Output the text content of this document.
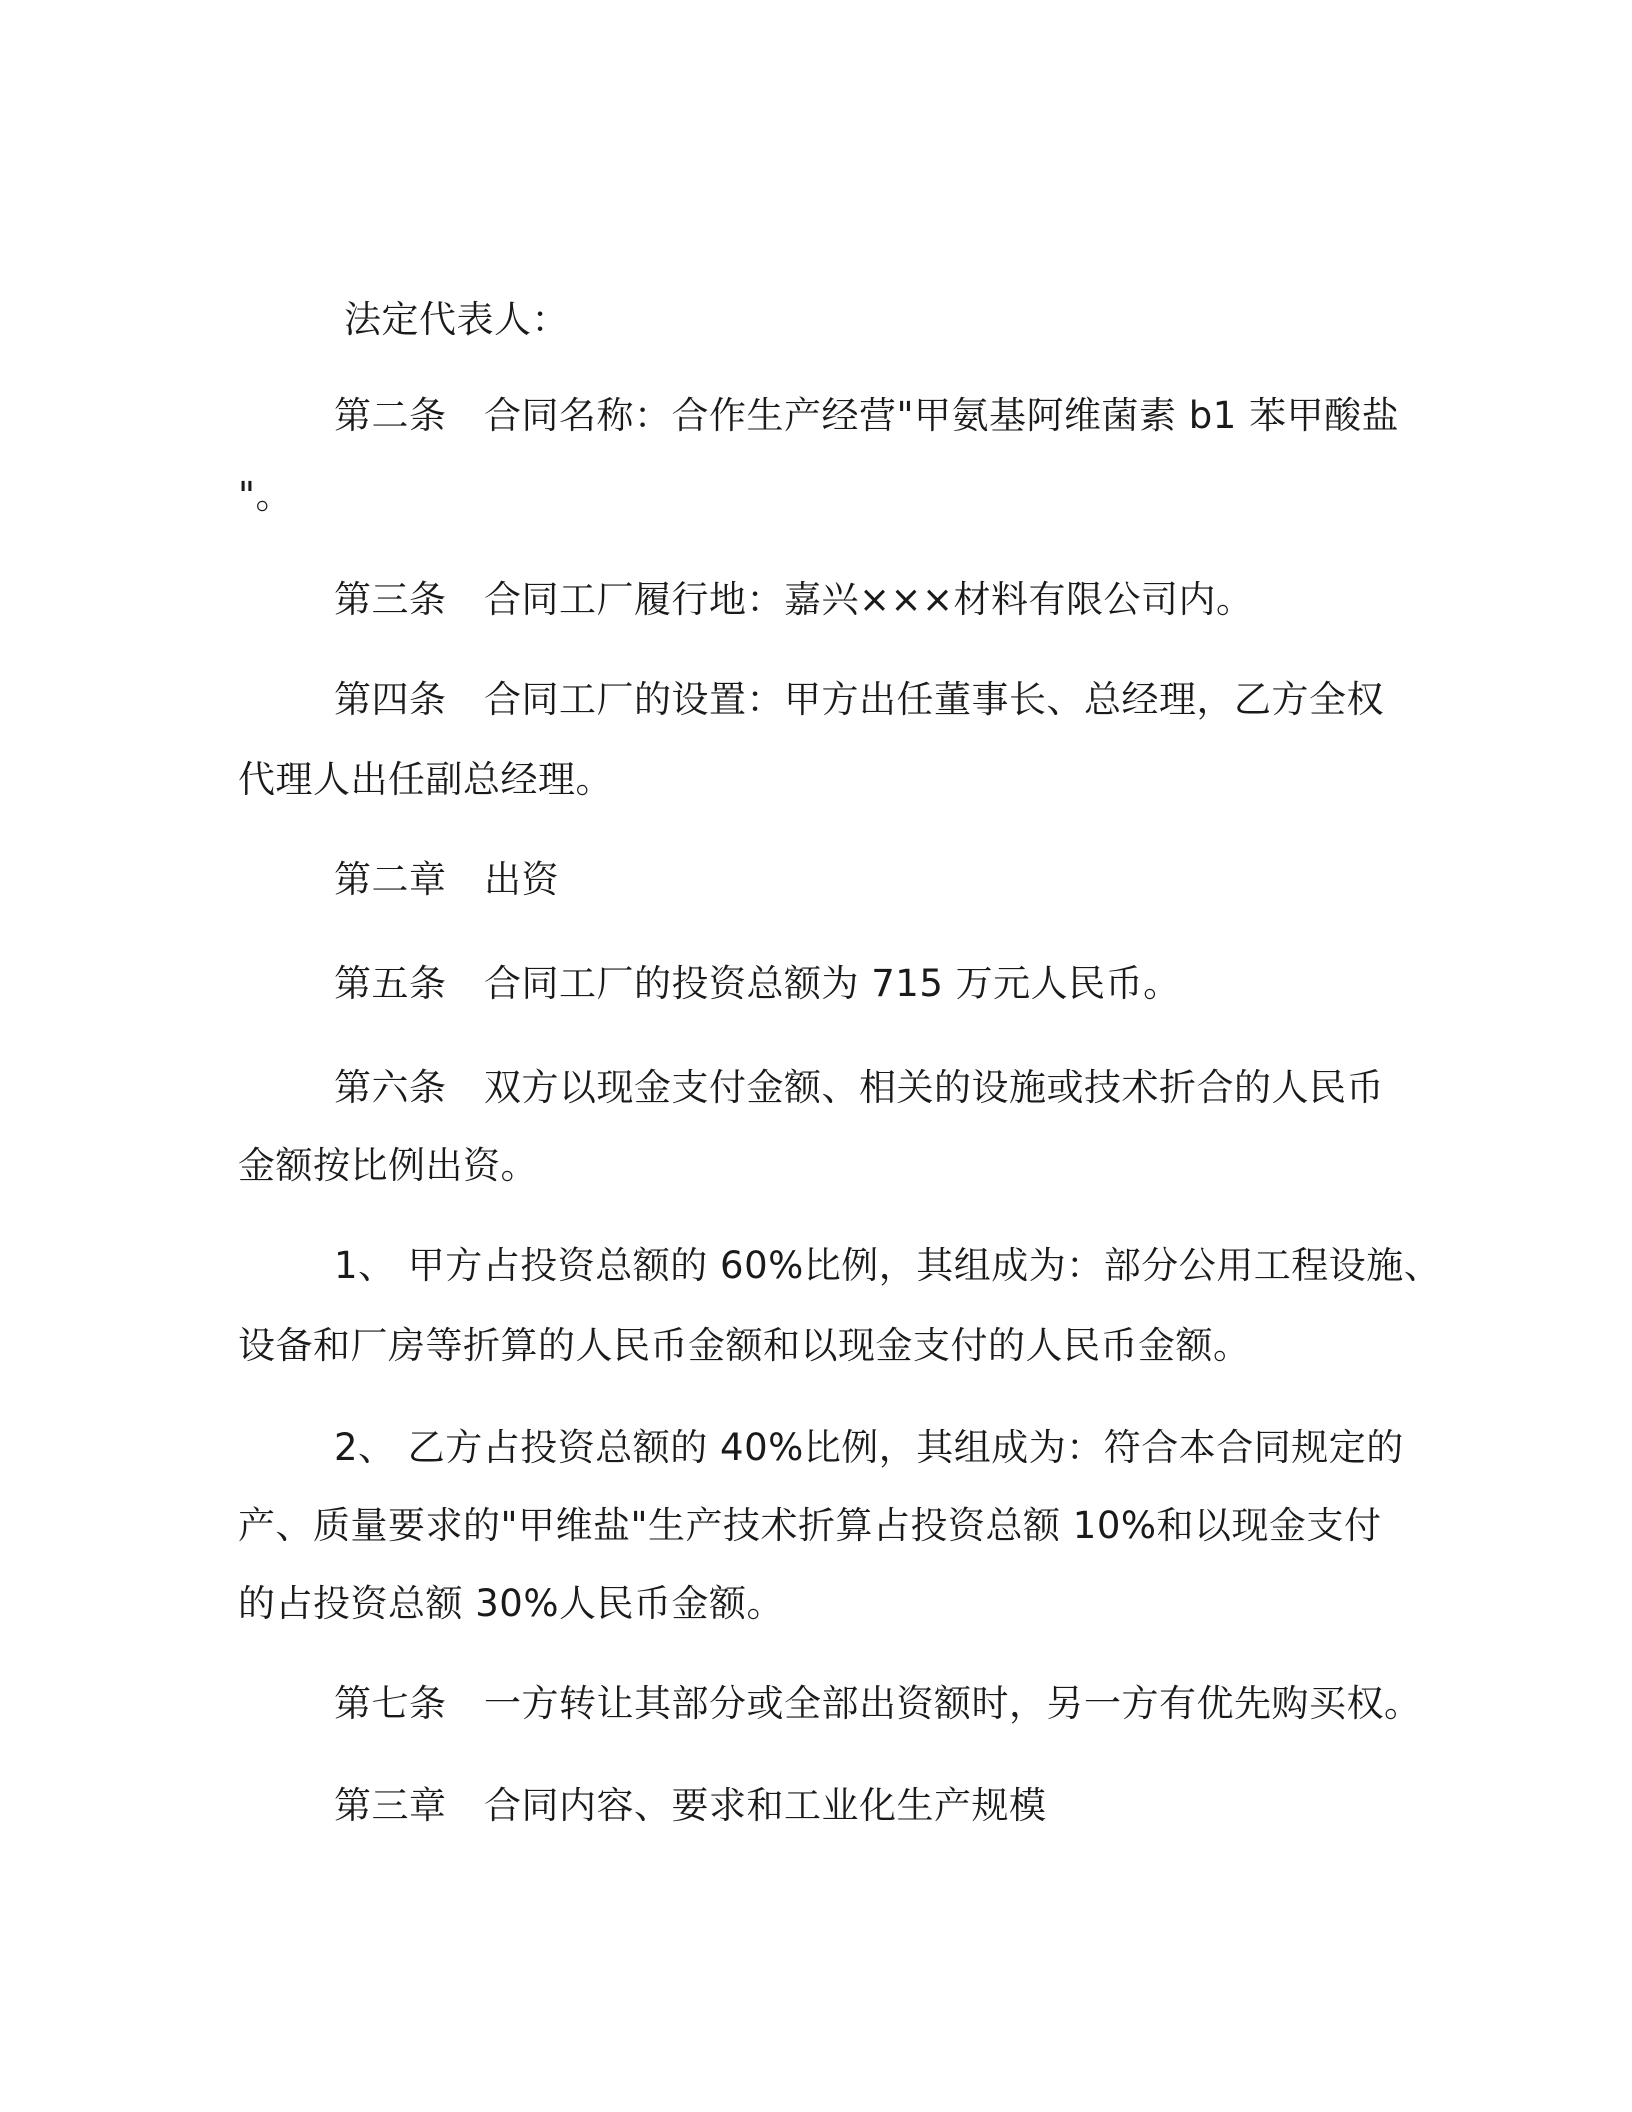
法定代表人：
第二条　合同名称：合作生产经营"甲氨基阿维菌素 b1 苯甲酸盐
"。
第三条　合同工厂履行地：嘉兴×××材料有限公司内。
第四条　合同工厂的设置：甲方出任董事长、总经理，乙方全权
代理人出任副总经理。
第二章　出资
第五条　合同工厂的投资总额为 715 万元人民币。
第六条　双方以现金支付金额、相关的设施或技术折合的人民币
金额按比例出资。
1、 甲方占投资总额的 60%比例，其组成为：部分公用工程设施、
设备和厂房等折算的人民币金额和以现金支付的人民币金额。
2、 乙方占投资总额的 40%比例，其组成为：符合本合同规定的
产、质量要求的"甲维盐"生产技术折算占投资总额 10%和以现金支付
的占投资总额 30%人民币金额。
第七条　一方转让其部分或全部出资额时，另一方有优先购买权。
第三章　合同内容、要求和工业化生产规模
